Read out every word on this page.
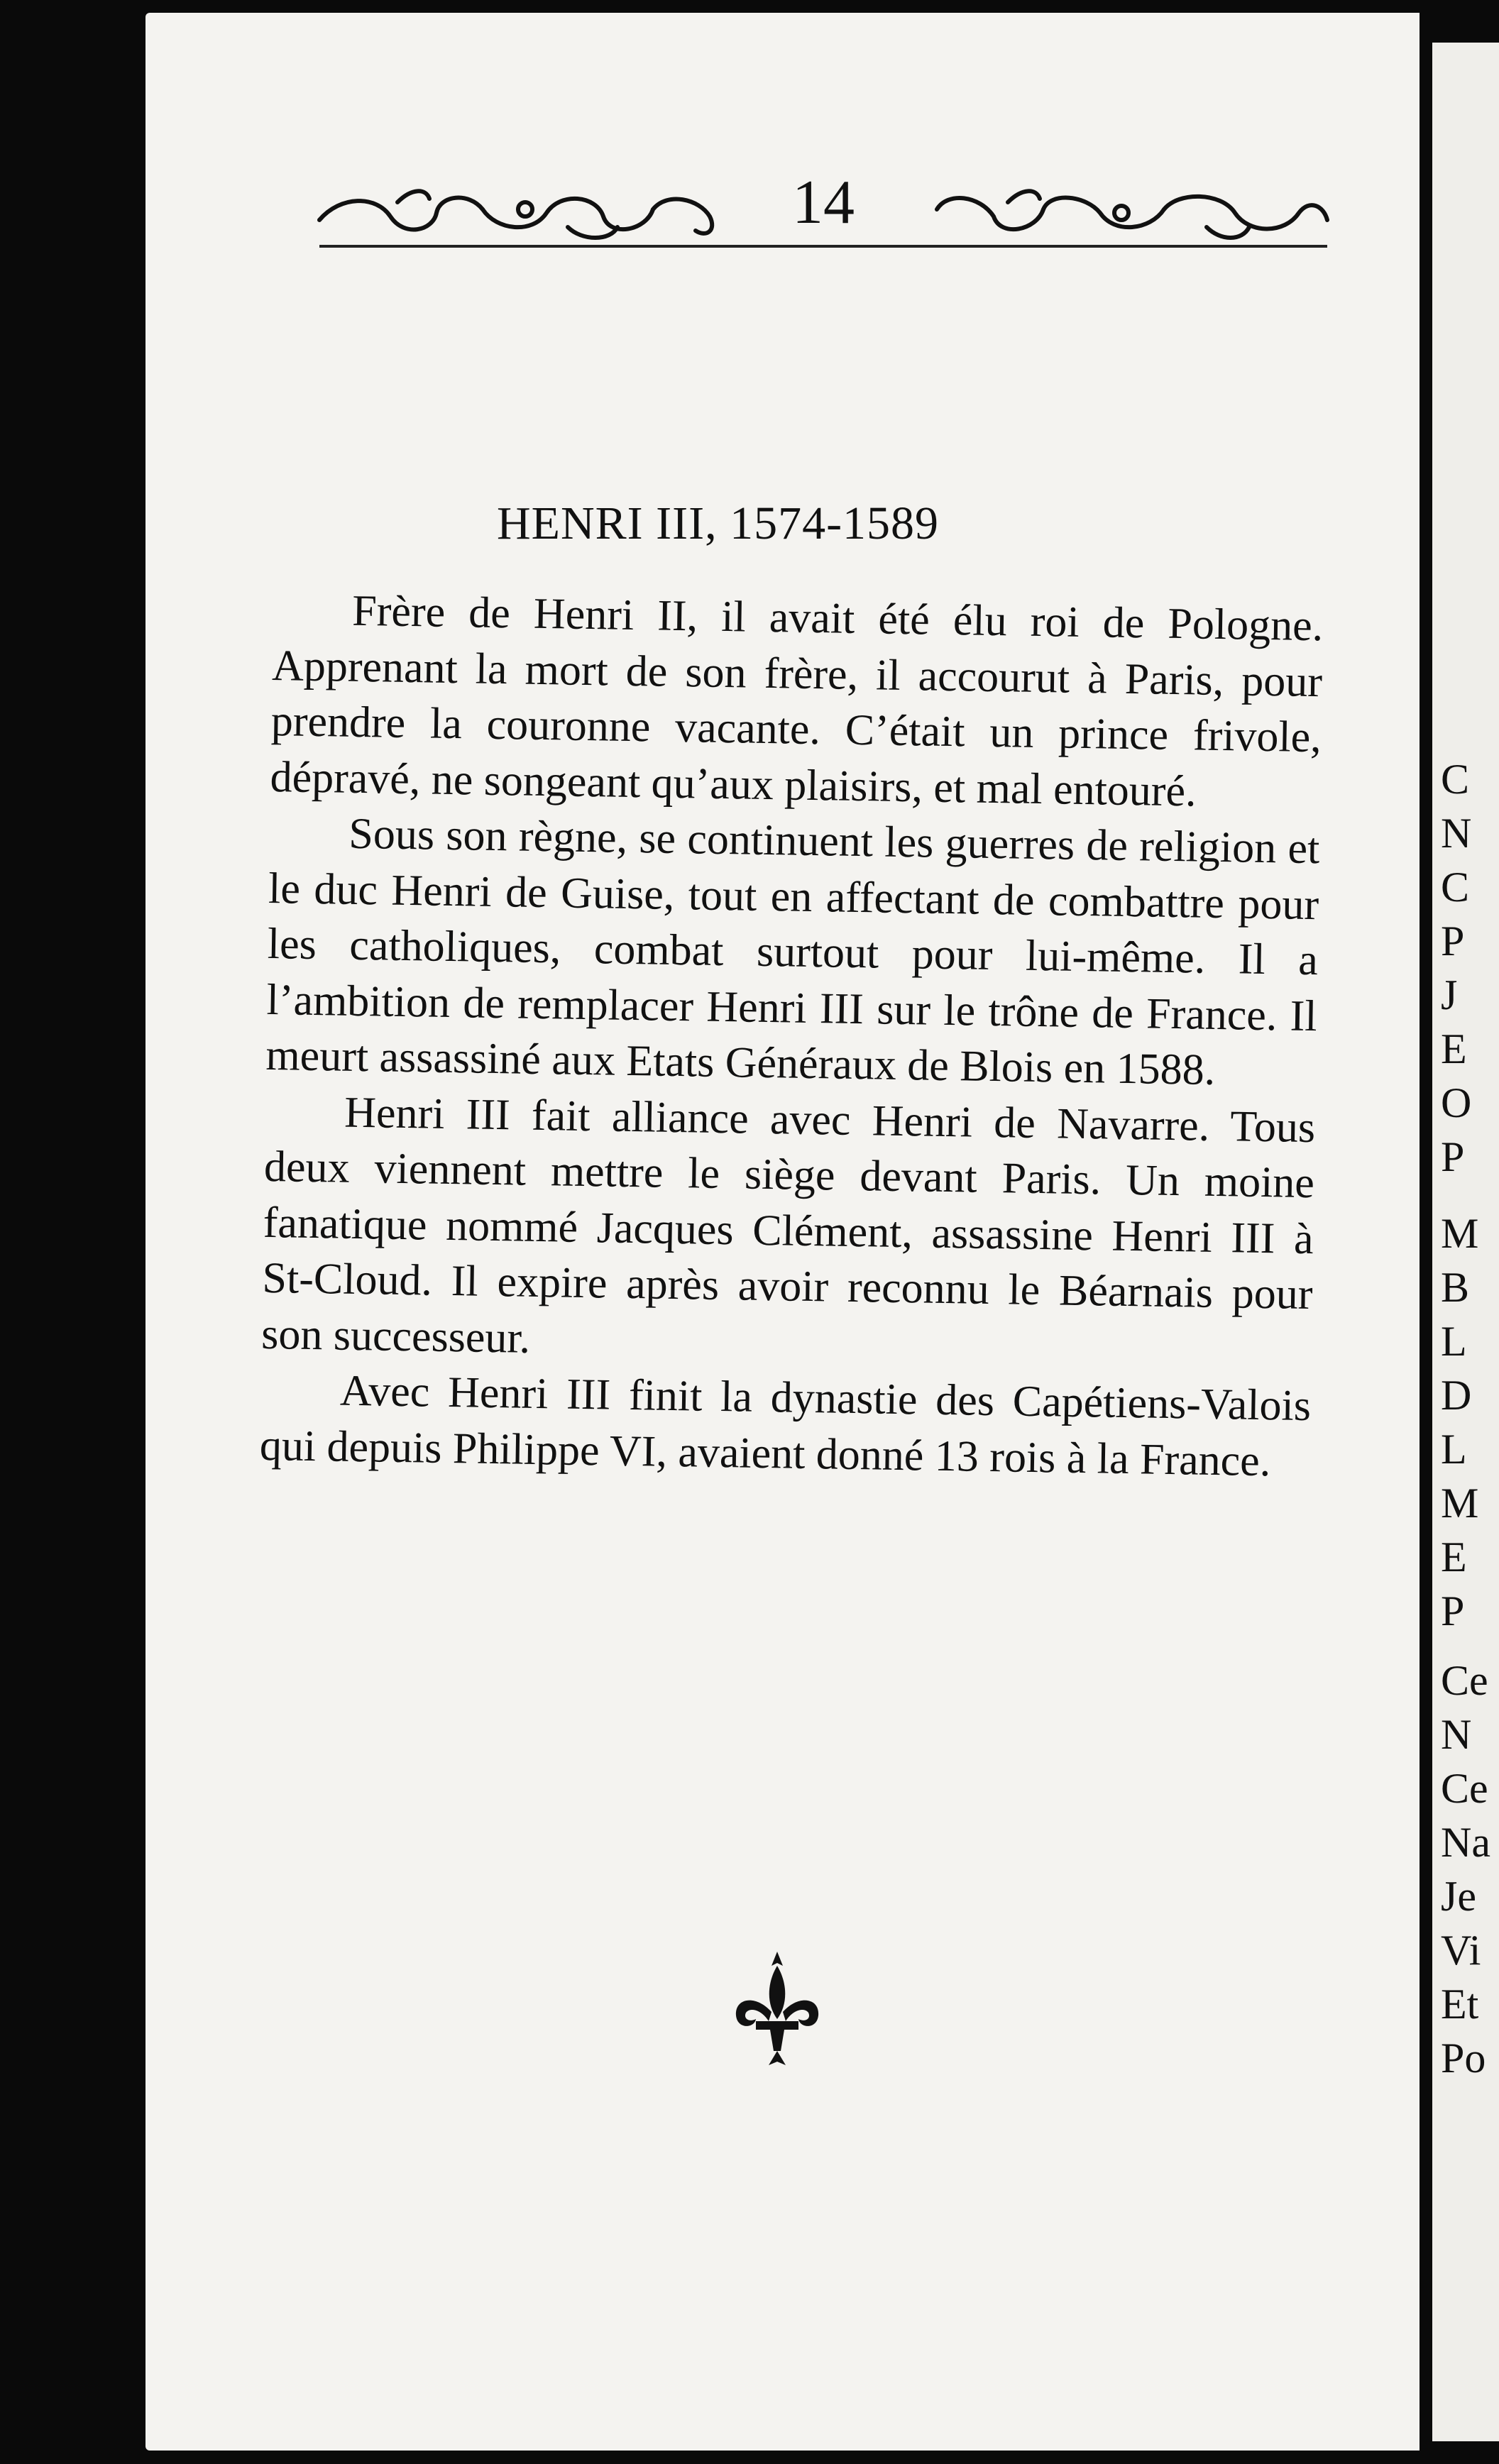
C
N
C
P
J
E
O
P
M
B
L
D
L
M
E
P
Ce
N
Ce
Na
Je
Vi
Et
Po
14
HENRI III, 1574-1589

Frère de Henri II, il avait été élu roi de Pologne. Apprenant la mort de son frère, il accourut à Paris, pour prendre la couronne vacante. C’était un prince frivole, dépravé, ne songeant qu’aux plaisirs, et mal entouré.

Sous son règne, se continuent les guerres de religion et le duc Henri de Guise, tout en affectant de combattre pour les catholiques, combat surtout pour lui-même. Il a l’ambition de remplacer Henri III sur le trône de France. Il meurt assassiné aux Etats Généraux de Blois en 1588.

Henri III fait alliance avec Henri de Navarre. Tous deux viennent mettre le siège devant Paris. Un moine fanatique nommé Jacques Clément, assassine Henri III à St-Cloud. Il expire après avoir reconnu le Béarnais pour son successeur.

Avec Henri III finit la dynastie des Capétiens-Valois qui depuis Philippe VI, avaient donné 13 rois à la France.
